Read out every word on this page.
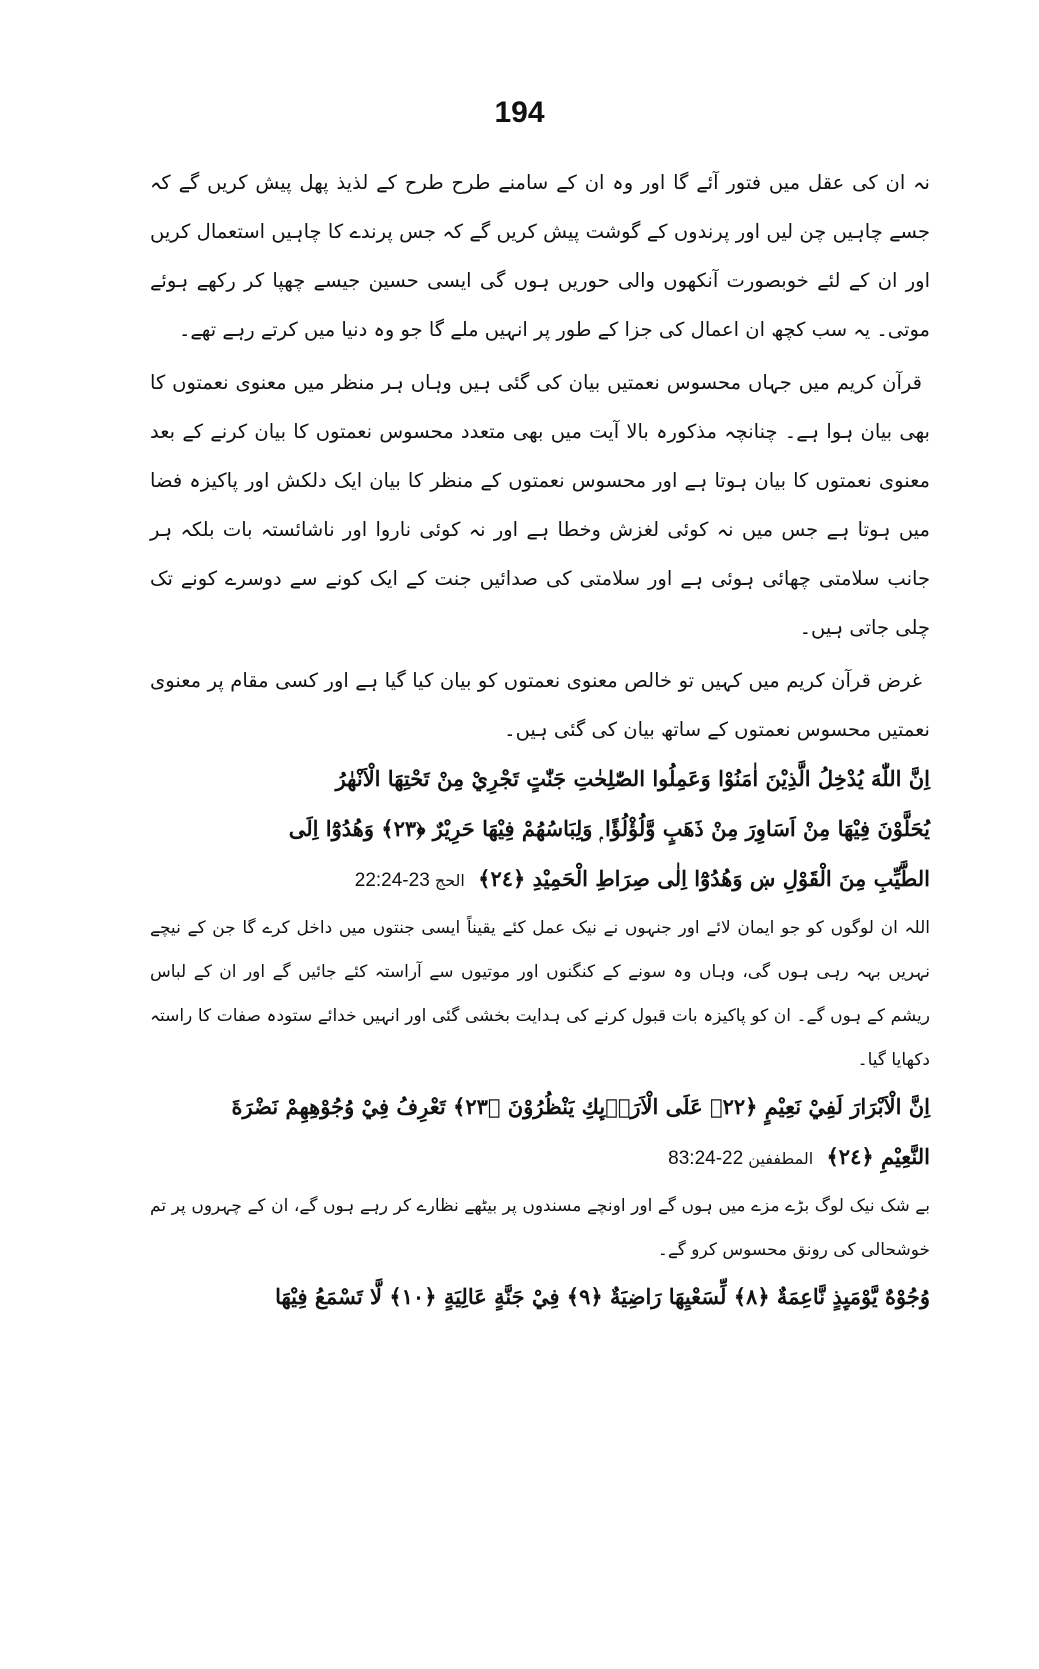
194

نہ ان کی عقل میں فتور آئے گا اور وہ ان کے سامنے طرح طرح کے لذیذ پھل پیش کریں گے کہ جسے چاہیں چن لیں اور پرندوں کے گوشت پیش کریں گے کہ جس پرندے کا چاہیں استعمال کریں اور ان کے لئے خوبصورت آنکھوں والی حوریں ہوں گی ایسی حسین جیسے چھپا کر رکھے ہوئے موتی۔ یہ سب کچھ ان اعمال کی جزا کے طور پر انہیں ملے گا جو وہ دنیا میں کرتے رہے تھے۔

قرآن کریم میں جہاں محسوس نعمتیں بیان کی گئی ہیں وہاں ہر منظر میں معنوی نعمتوں کا بھی بیان ہوا ہے۔ چنانچہ مذکورہ بالا آیت میں بھی متعدد محسوس نعمتوں کا بیان کرنے کے بعد معنوی نعمتوں کا بیان ہوتا ہے اور محسوس نعمتوں کے منظر کا بیان ایک دلکش اور پاکیزہ فضا میں ہوتا ہے جس میں نہ کوئی لغزش وخطا ہے اور نہ کوئی ناروا اور ناشائستہ بات بلکہ ہر جانب سلامتی چھائی ہوئی ہے اور سلامتی کی صدائیں جنت کے ایک کونے سے دوسرے کونے تک چلی جاتی ہیں۔

غرض قرآن کریم میں کہیں تو خالص معنوی نعمتوں کو بیان کیا گیا ہے اور کسی مقام پر معنوی نعمتیں محسوس نعمتوں کے ساتھ بیان کی گئی ہیں۔

اِنَّ اللّٰهَ يُدْخِلُ الَّذِيْنَ اٰمَنُوْا وَعَمِلُوا الصّٰلِحٰتِ جَنّٰتٍ تَجْرِيْ مِنْ تَحْتِهَا الْاَنْهٰرُ

يُحَلَّوْنَ فِيْهَا مِنْ اَسَاوِرَ مِنْ ذَهَبٍ وَّلُؤْلُؤًا ۭ وَلِبَاسُهُمْ فِيْهَا حَرِيْرٌ ﴿٢٣﴾ وَهُدُوْٓا اِلَى

الطَّيِّبِ مِنَ الْقَوْلِ ښ وَهُدُوْٓا اِلٰى صِرَاطِ الْحَمِيْدِ ﴿٢٤﴾ الحج 22:24-23

اللہ ان لوگوں کو جو ایمان لائے اور جنہوں نے نیک عمل کئے یقیناً ایسی جنتوں میں داخل کرے گا جن کے نیچے نہریں بہہ رہی ہوں گی، وہاں وہ سونے کے کنگنوں اور موتیوں سے آراستہ کئے جائیں گے اور ان کے لباس ریشم کے ہوں گے۔ ان کو پاکیزہ بات قبول کرنے کی ہدایت بخشی گئی اور انہیں خدائے ستودہ صفات کا راستہ دکھایا گیا۔

اِنَّ الْاَبْرَارَ لَفِيْ نَعِيْمٍ ﴿٢٢﴾ عَلَى الْاَرَاۗىِٕكِ يَنْظُرُوْنَ ﴿٢٣﴾ تَعْرِفُ فِيْ وُجُوْهِهِمْ نَضْرَةَ

النَّعِيْمِ ﴿٢٤﴾ المطففين 83:24-22

بے شک نیک لوگ بڑے مزے میں ہوں گے اور اونچے مسندوں پر بیٹھے نظارے کر رہے ہوں گے، ان کے چہروں پر تم خوشحالی کی رونق محسوس کرو گے۔

وُجُوْهٌ يَّوْمَىِٕذٍ نَّاعِمَةٌ ﴿٨﴾ لِّسَعْيِهَا رَاضِيَةٌ ﴿٩﴾ فِيْ جَنَّةٍ عَالِيَةٍ ﴿١٠﴾ لَّا تَسْمَعُ فِيْهَا
